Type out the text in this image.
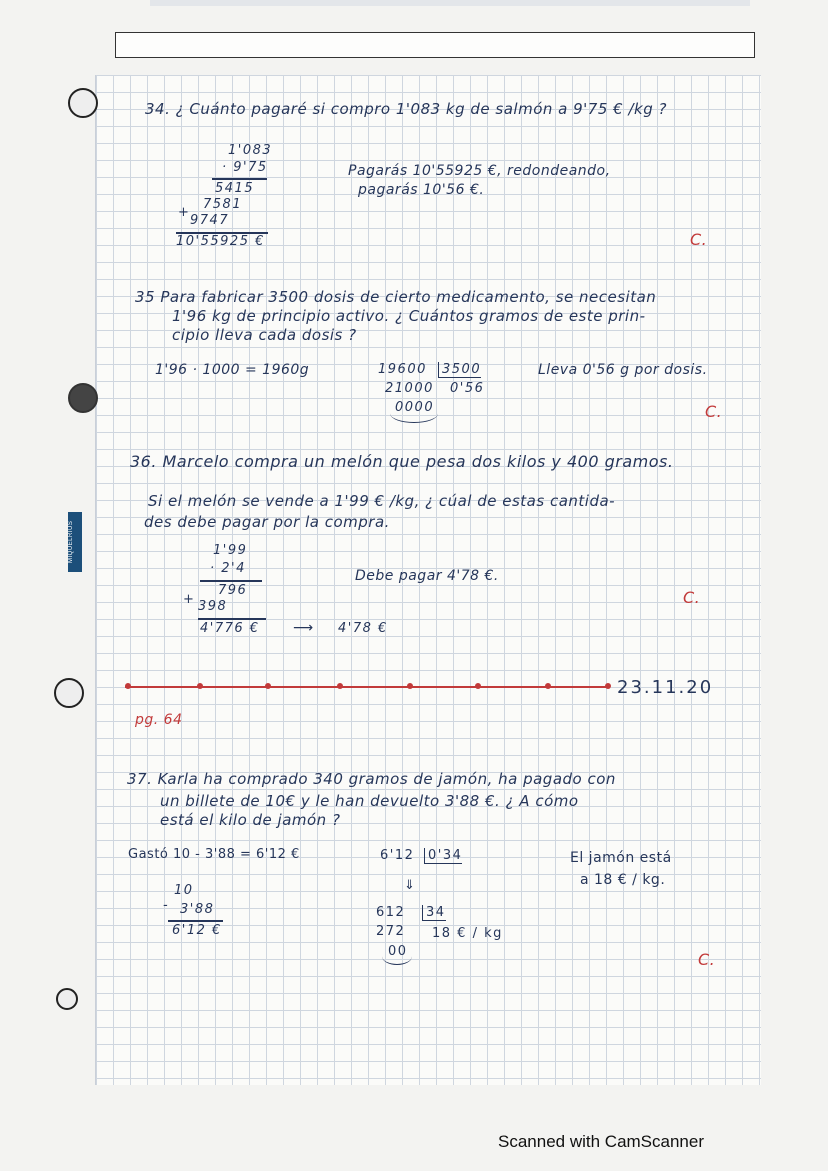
MIQUELRIUS
34. ¿ Cuánto pagaré si compro 1'083 kg de salmón a 9'75 € /kg ?
1'083
· 9'75
5415
7581
+
9747
10'55925 €
Pagarás 10'55925 €, redondeando,
pagarás 10'56 €.
C.
35 Para fabricar 3500 dosis de cierto medicamento, se necesitan
1'96 kg de principio activo. ¿ Cuántos gramos de este prin-
cipio lleva cada dosis ?
1'96 · 1000 = 1960g	19600	3500
21000 0'56
0000
Lleva 0'56 g por dosis.
C.
36. Marcelo compra un melón que pesa dos kilos y 400 gramos.
Si el melón se vende a 1'99 € /kg, ¿ cúal de estas cantida-
des debe pagar por la compra.
1'99
· 2'4
796
+ 398
4'776 € ⟶ 4'78 €
Debe pagar 4'78 €.
C.
23.11.20
pg. 64
37. Karla ha comprado 340 gramos de jamón, ha pagado con
un billete de 10€ y le han devuelto 3'88 €. ¿ A cómo
está el kilo de jamón ?
Gastó 10 - 3'88 = 6'12 €
10
- 3'88
6'12 €
6'12	0'34
⇓
612	34
272 18 € / kg
00
El jamón está
a 18 € / kg.
C.
Scanned with CamScanner
